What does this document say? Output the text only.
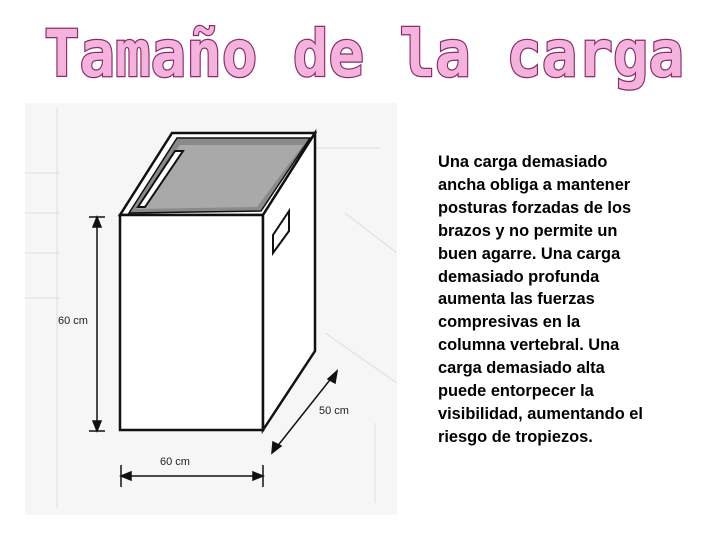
Tamaño de la carga
60 cm
60 cm
50 cm
Una carga demasiado
ancha obliga a mantener
posturas forzadas de los
brazos y no permite un
buen agarre. Una carga
demasiado profunda
aumenta las fuerzas
compresivas en la
columna vertebral. Una
carga demasiado alta
puede entorpecer la
visibilidad, aumentando el
riesgo de tropiezos.
